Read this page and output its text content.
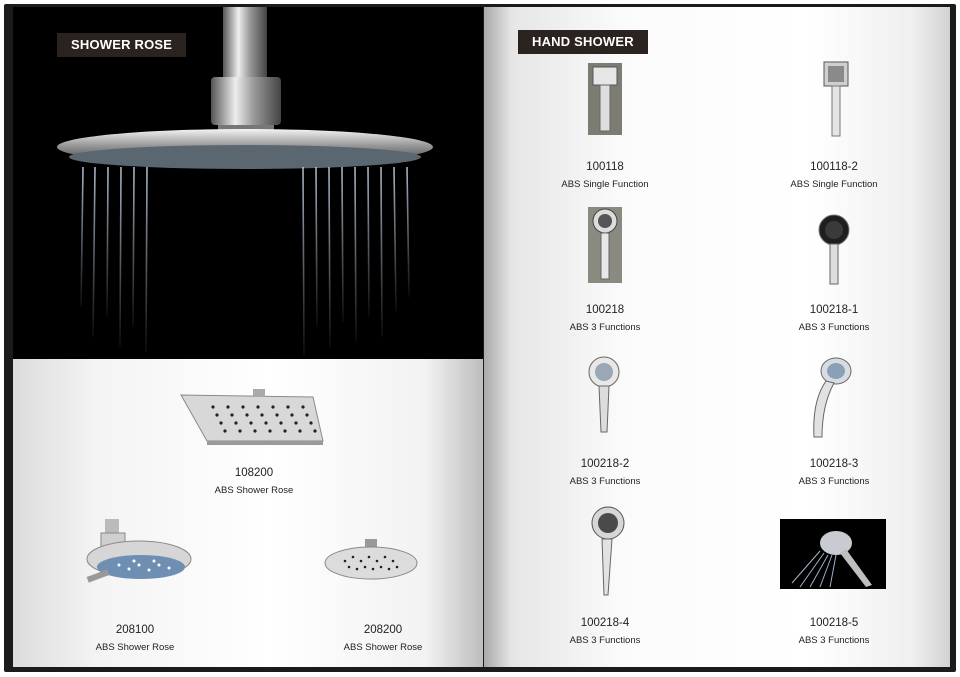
SHOWER ROSE
108200
ABS Shower Rose
208100
ABS Shower Rose
208200
ABS Shower Rose
HAND SHOWER
100118
ABS Single Function
100118-2
ABS Single Function
100218
ABS 3 Functions
100218-1
ABS 3 Functions
100218-2
ABS 3 Functions
100218-3
ABS 3 Functions
100218-4
ABS 3 Functions
100218-5
ABS 3 Functions
